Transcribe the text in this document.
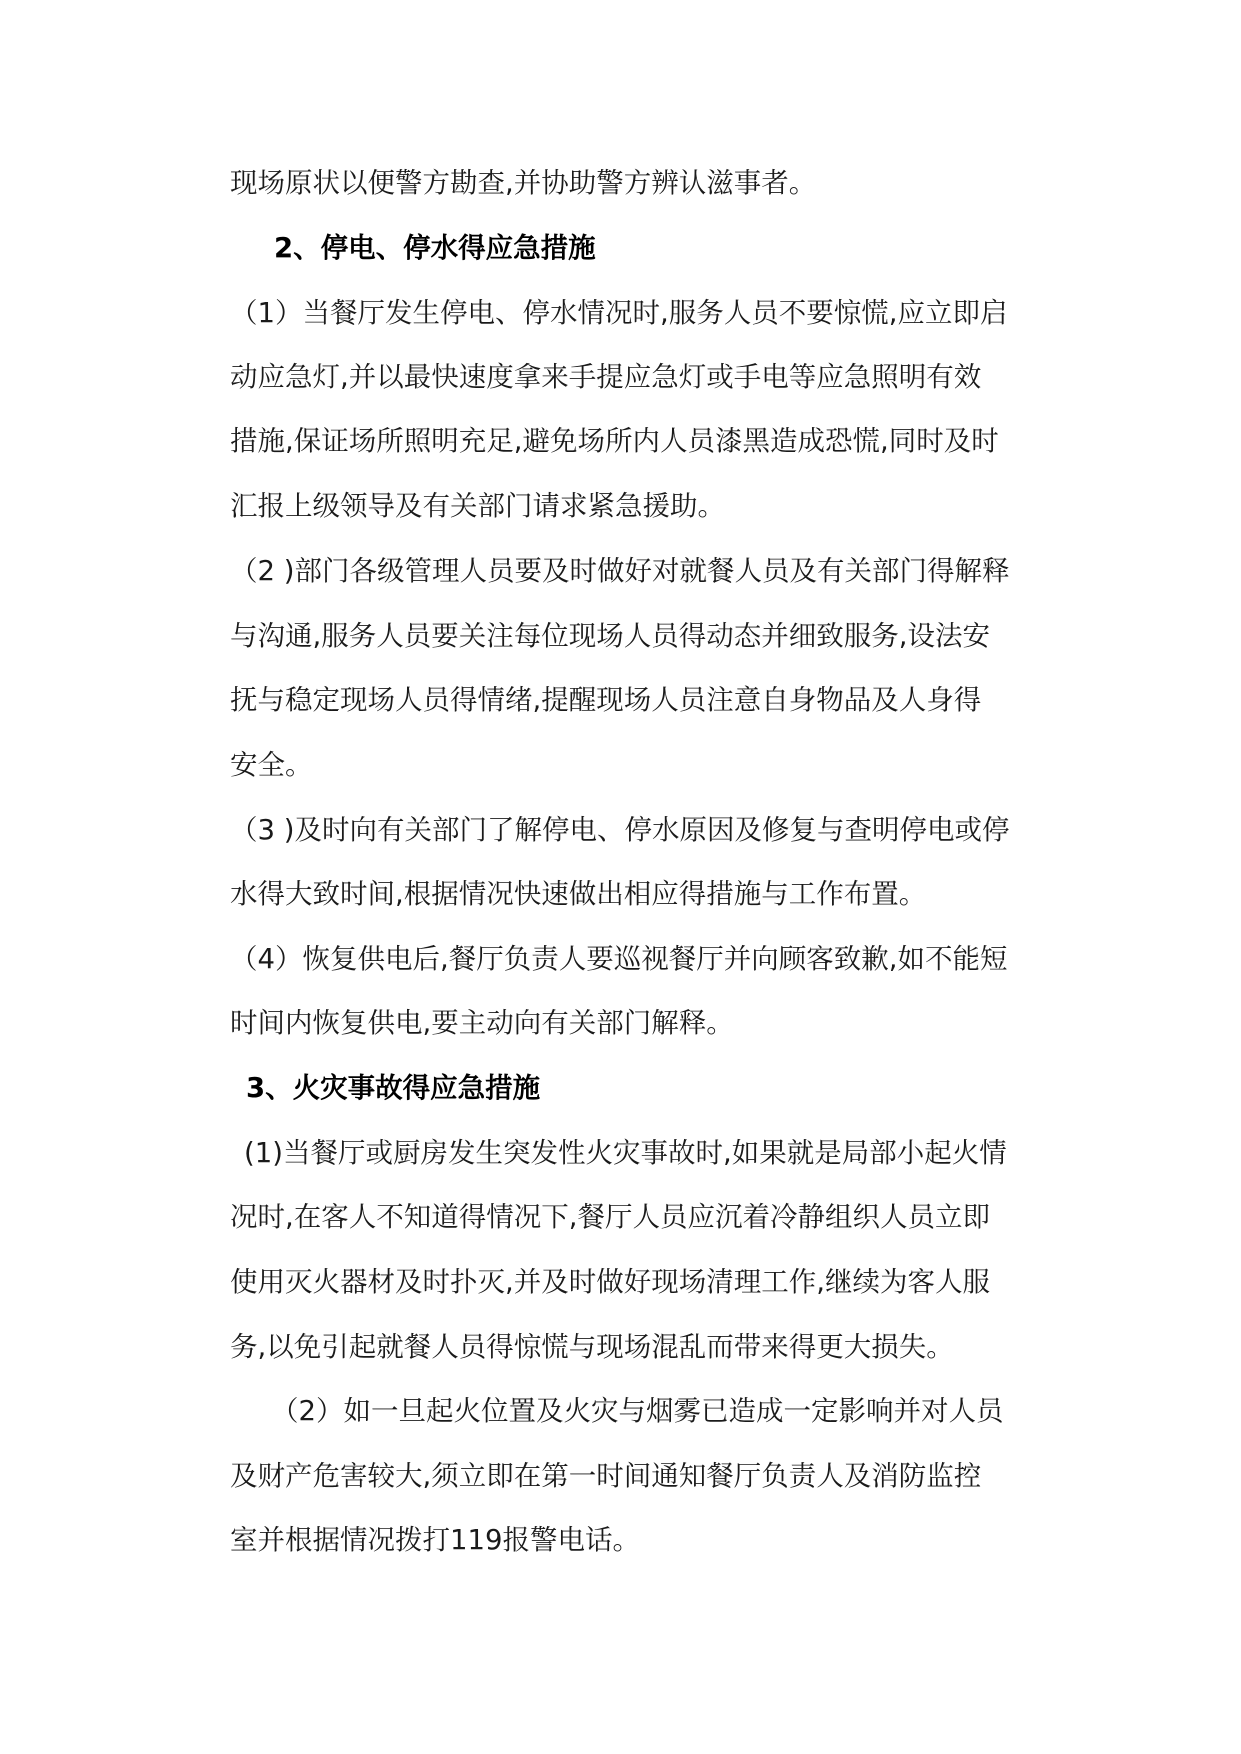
现场原状以便警方勘查,并协助警方辨认滋事者。
2、停电、停水得应急措施
（1）当餐厅发生停电、停水情况时,服务人员不要惊慌,应立即启
动应急灯,并以最快速度拿来手提应急灯或手电等应急照明有效
措施,保证场所照明充足,避免场所内人员漆黑造成恐慌,同时及时
汇报上级领导及有关部门请求紧急援助。
（2 )部门各级管理人员要及时做好对就餐人员及有关部门得解释
与沟通,服务人员要关注每位现场人员得动态并细致服务,设法安
抚与稳定现场人员得情绪,提醒现场人员注意自身物品及人身得
安全。
（3 )及时向有关部门了解停电、停水原因及修复与查明停电或停
水得大致时间,根据情况快速做出相应得措施与工作布置。
（4）恢复供电后,餐厅负责人要巡视餐厅并向顾客致歉,如不能短
时间内恢复供电,要主动向有关部门解释。
3、火灾事故得应急措施
(1)当餐厅或厨房发生突发性火灾事故时,如果就是局部小起火情
况时,在客人不知道得情况下,餐厅人员应沉着冷静组织人员立即
使用灭火器材及时扑灭,并及时做好现场清理工作,继续为客人服
务,以免引起就餐人员得惊慌与现场混乱而带来得更大损失。
（2）如一旦起火位置及火灾与烟雾已造成一定影响并对人员
及财产危害较大,须立即在第一时间通知餐厅负责人及消防监控
室并根据情况拨打119报警电话。
